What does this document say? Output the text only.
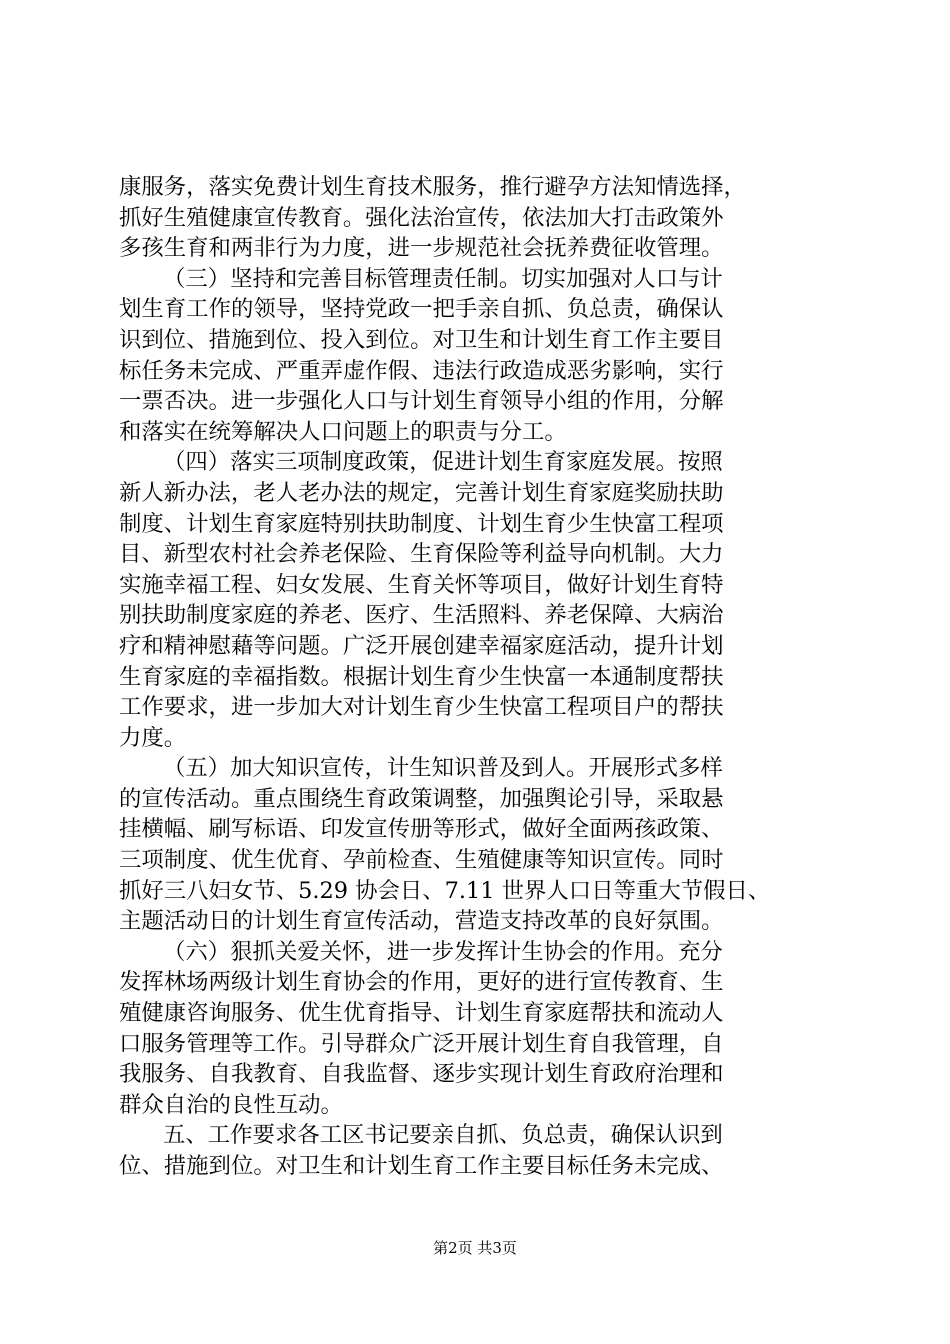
康服务，落实免费计划生育技术服务，推行避孕方法知情选择，
抓好生殖健康宣传教育。强化法治宣传，依法加大打击政策外
多孩生育和两非行为力度，进一步规范社会抚养费征收管理。
（三）坚持和完善目标管理责任制。切实加强对人口与计
划生育工作的领导，坚持党政一把手亲自抓、负总责，确保认
识到位、措施到位、投入到位。对卫生和计划生育工作主要目
标任务未完成、严重弄虚作假、违法行政造成恶劣影响，实行
一票否决。进一步强化人口与计划生育领导小组的作用，分解
和落实在统筹解决人口问题上的职责与分工。
（四）落实三项制度政策，促进计划生育家庭发展。按照
新人新办法，老人老办法的规定，完善计划生育家庭奖励扶助
制度、计划生育家庭特别扶助制度、计划生育少生快富工程项
目、新型农村社会养老保险、生育保险等利益导向机制。大力
实施幸福工程、妇女发展、生育关怀等项目，做好计划生育特
别扶助制度家庭的养老、医疗、生活照料、养老保障、大病治
疗和精神慰藉等问题。广泛开展创建幸福家庭活动，提升计划
生育家庭的幸福指数。根据计划生育少生快富一本通制度帮扶
工作要求，进一步加大对计划生育少生快富工程项目户的帮扶
力度。
（五）加大知识宣传，计生知识普及到人。开展形式多样
的宣传活动。重点围绕生育政策调整，加强舆论引导，采取悬
挂横幅、刷写标语、印发宣传册等形式，做好全面两孩政策、
三项制度、优生优育、孕前检查、生殖健康等知识宣传。同时
抓好三八妇女节、5.29 协会日、7.11 世界人口日等重大节假日、
主题活动日的计划生育宣传活动，营造支持改革的良好氛围。
（六）狠抓关爱关怀，进一步发挥计生协会的作用。充分
发挥林场两级计划生育协会的作用，更好的进行宣传教育、生
殖健康咨询服务、优生优育指导、计划生育家庭帮扶和流动人
口服务管理等工作。引导群众广泛开展计划生育自我管理，自
我服务、自我教育、自我监督、逐步实现计划生育政府治理和
群众自治的良性互动。
五、工作要求各工区书记要亲自抓、负总责，确保认识到
位、措施到位。对卫生和计划生育工作主要目标任务未完成、
第2页 共3页
